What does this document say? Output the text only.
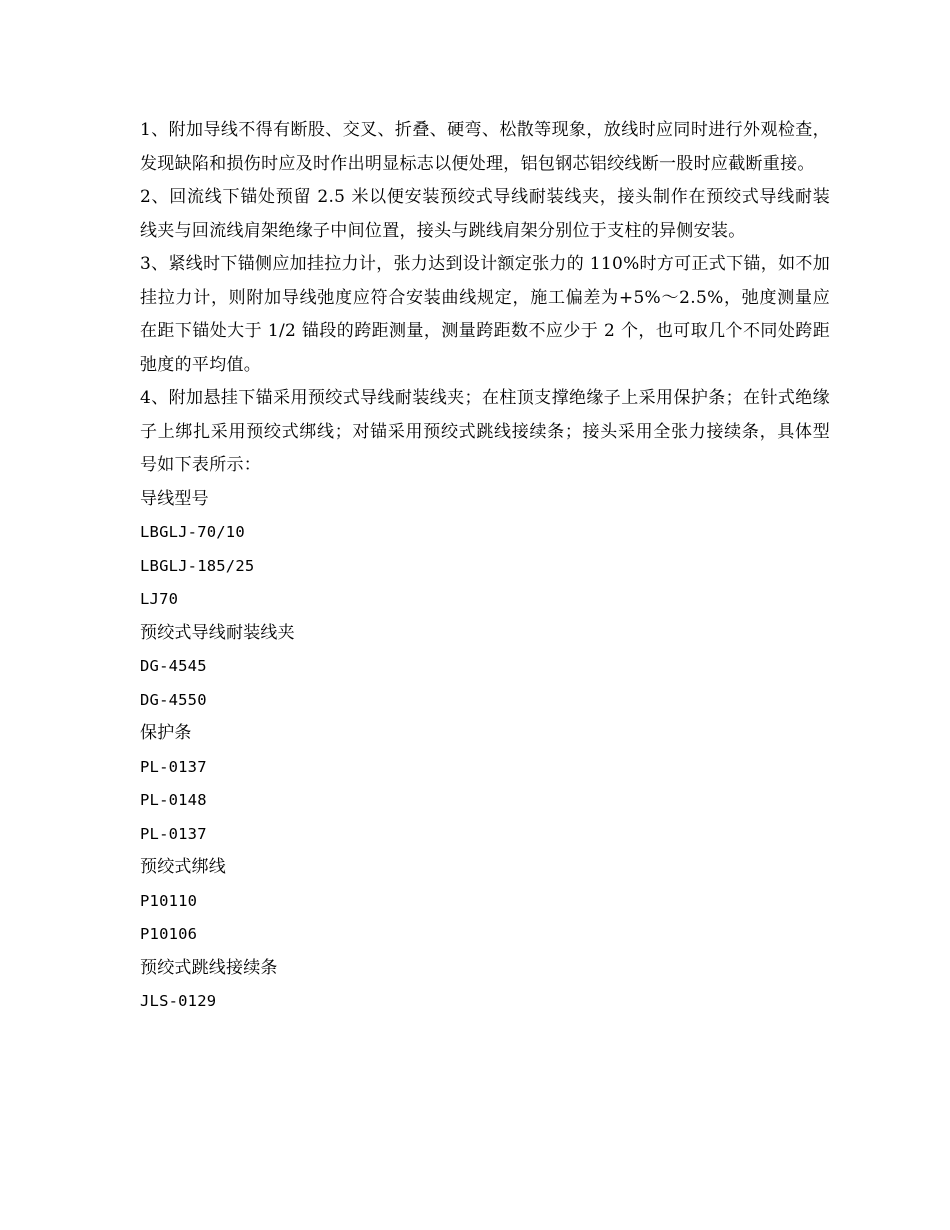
1、附加导线不得有断股、交叉、折叠、硬弯、松散等现象，放线时应同时进行外观检查，发现缺陷和损伤时应及时作出明显标志以便处理，铝包钢芯铝绞线断一股时应截断重接。

2、回流线下锚处预留 2.5 米以便安装预绞式导线耐装线夹，接头制作在预绞式导线耐装线夹与回流线肩架绝缘子中间位置，接头与跳线肩架分别位于支柱的异侧安装。

3、紧线时下锚侧应加挂拉力计，张力达到设计额定张力的 110%时方可正式下锚，如不加挂拉力计，则附加导线弛度应符合安装曲线规定，施工偏差为+5%～2.5%，弛度测量应在距下锚处大于 1/2 锚段的跨距测量，测量跨距数不应少于 2 个，也可取几个不同处跨距弛度的平均值。

4、附加悬挂下锚采用预绞式导线耐装线夹；在柱顶支撑绝缘子上采用保护条；在针式绝缘子上绑扎采用预绞式绑线；对锚采用预绞式跳线接续条；接头采用全张力接续条，具体型号如下表所示：

导线型号

LBGLJ-70/10

LBGLJ-185/25

LJ70

预绞式导线耐装线夹

DG-4545

DG-4550

保护条

PL-0137

PL-0148

PL-0137

预绞式绑线

P10110

P10106

预绞式跳线接续条

JLS-0129
